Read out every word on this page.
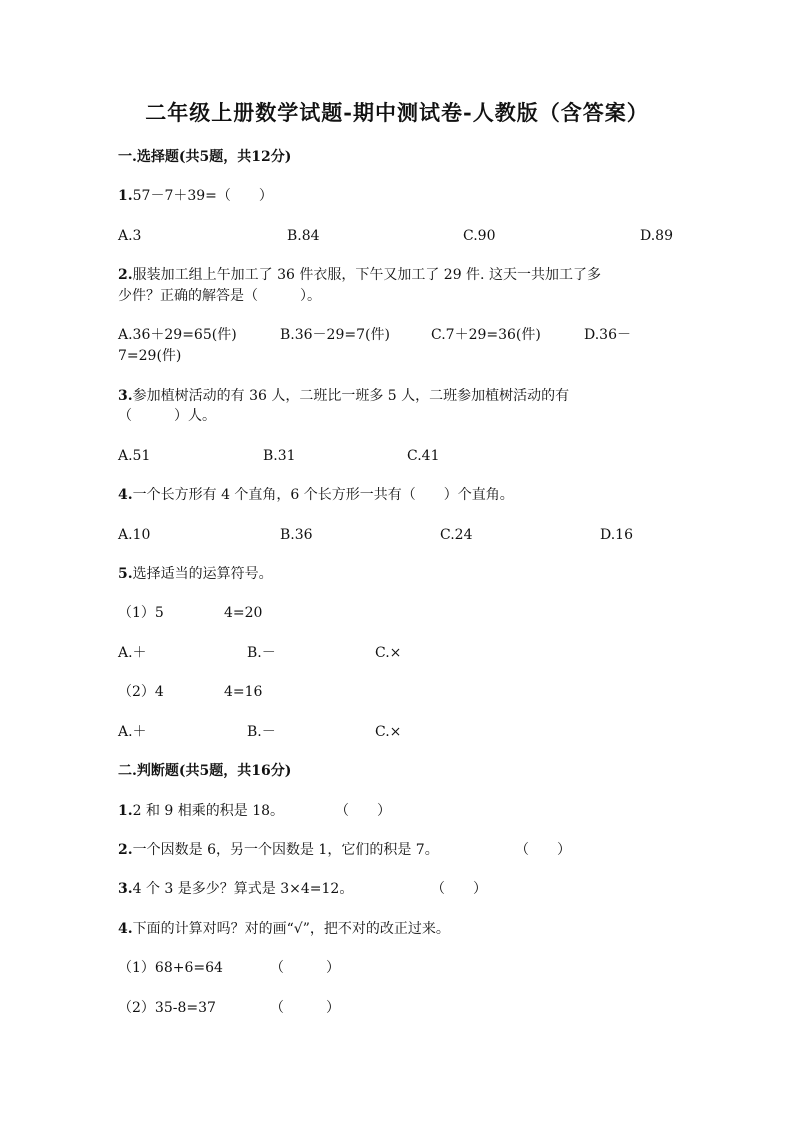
二年级上册数学试题-期中测试卷-人教版（含答案）
一.选择题(共5题，共12分)
1.57－7＋39=（　　）
A.3	B.84	C.90	D.89
2.服装加工组上午加工了 36 件衣服，下午又加工了 29 件. 这天一共加工了多
少件？正确的解答是（　　　）。
A.36＋29=65(件)	B.36－29=7(件)	C.7＋29=36(件)	D.36－
7=29(件)
3.参加植树活动的有 36 人，二班比一班多 5 人，二班参加植树活动的有
（　　　）人。
A.51	B.31	C.41
4.一个长方形有 4 个直角，6 个长方形一共有（　　）个直角。
A.10	B.36	C.24	D.16
5.选择适当的运算符号。
（1）5	4=20
A.＋	B.－	C.×
（2）4	4=16
A.＋	B.－	C.×
二.判断题(共5题，共16分)
1.2 和 9 相乘的积是 18。	（　　）
2.一个因数是 6，另一个因数是 1，它们的积是 7。	（　　）
3.4 个 3 是多少？算式是 3×4=12。	（　　）
4.下面的计算对吗？对的画“√”，把不对的改正过来。
（1）68+6=64	（　　　）
（2）35-8=37	（　　　）
